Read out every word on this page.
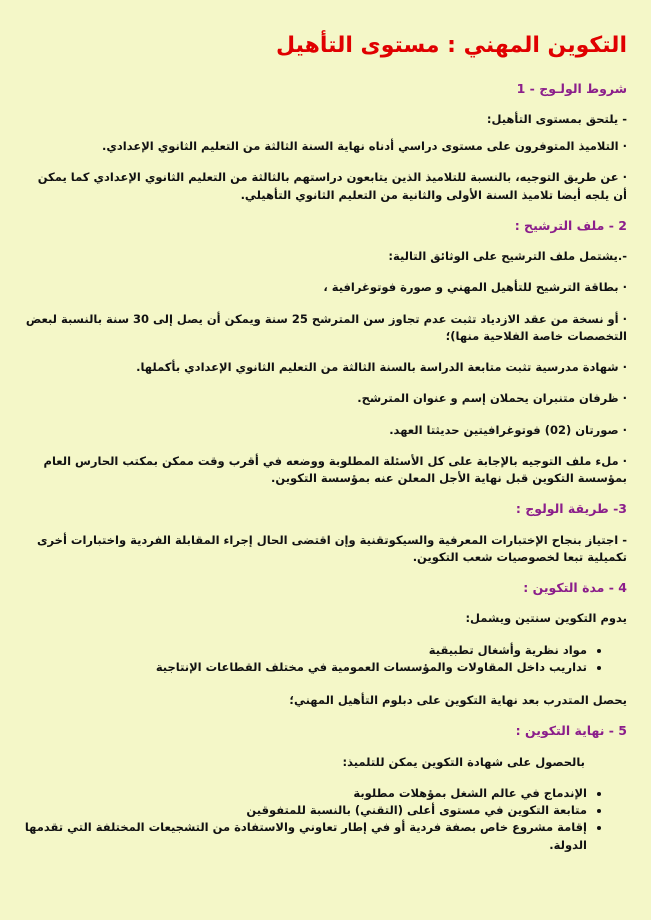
التكوين المهني : مستوى التأهيل
شروط الولـوج - 1

- يلتحق بمستوى التأهيل:

· التلاميذ المتوفرون على مستوى دراسي أدناه نهاية السنة الثالثة من التعليم الثانوي الإعدادي.

· عن طريق التوجيه، بالنسبة للتلاميذ الذين يتابعون دراستهم بالثالثة من التعليم الثانوي الإعدادي كما يمكن أن يلجه أيضا تلاميذ السنة الأولى والثانية من التعليم الثانوي التأهيلي.

2 - ملف الترشيح :

-.يشتمل ملف الترشيح على الوثائق التالية:

· بطاقة الترشيح للتأهيل المهني و صورة فوتوغرافية ،

· أو نسخة من عقد الازدياد تثبت عدم تجاوز سن المترشح 25 سنة ويمكن أن يصل إلى 30 سنة بالنسبة لبعض التخصصات خاصة الفلاحية منها)؛

· شهادة مدرسية تثبت متابعة الدراسة بالسنة الثالثة من التعليم الثانوي الإعدادي بأكملها.

· ظرفان متنبران يحملان إسم و عنوان المترشح.

· صورتان (02) فوتوغرافيتين حديثتا العهد.

· ملء ملف التوجيه بالإجابة على كل الأسئلة المطلوبة ووضعه في أقرب وقت ممكن بمكتب الحارس العام بمؤسسة التكوين قبل نهاية الأجل المعلن عنه بمؤسسة التكوين.

3- طريقة الولوج :

- اجتياز بنجاح الإختبارات المعرفية والسيكوتقنية وإن اقتضى الحال إجراء المقابلة الفردية واختبارات أخرى تكميلية تبعا لخصوصيات شعب التكوين.

4 - مدة التكوين :

يدوم التكوين سنتين ويشمل:

• مواد نظرية وأشغال تطبيقية
• تداريب داخل المقاولات والمؤسسات العمومية في مختلف القطاعات الإنتاجية

يحصل المتدرب بعد نهاية التكوين على دبلوم التأهيل المهني؛

5 - نهاية التكوين :

بالحصول على شهادة التكوين يمكن للتلميذ:

• الإندماج في عالم الشغل بمؤهلات مطلوبة
• متابعة التكوين في مستوى أعلى (التقني) بالنسبة للمتفوقين
• إقامة مشروع خاص بصفة فردية أو في إطار تعاوني والاستفادة من التشجيعات المختلفة التي تقدمها الدولة.
